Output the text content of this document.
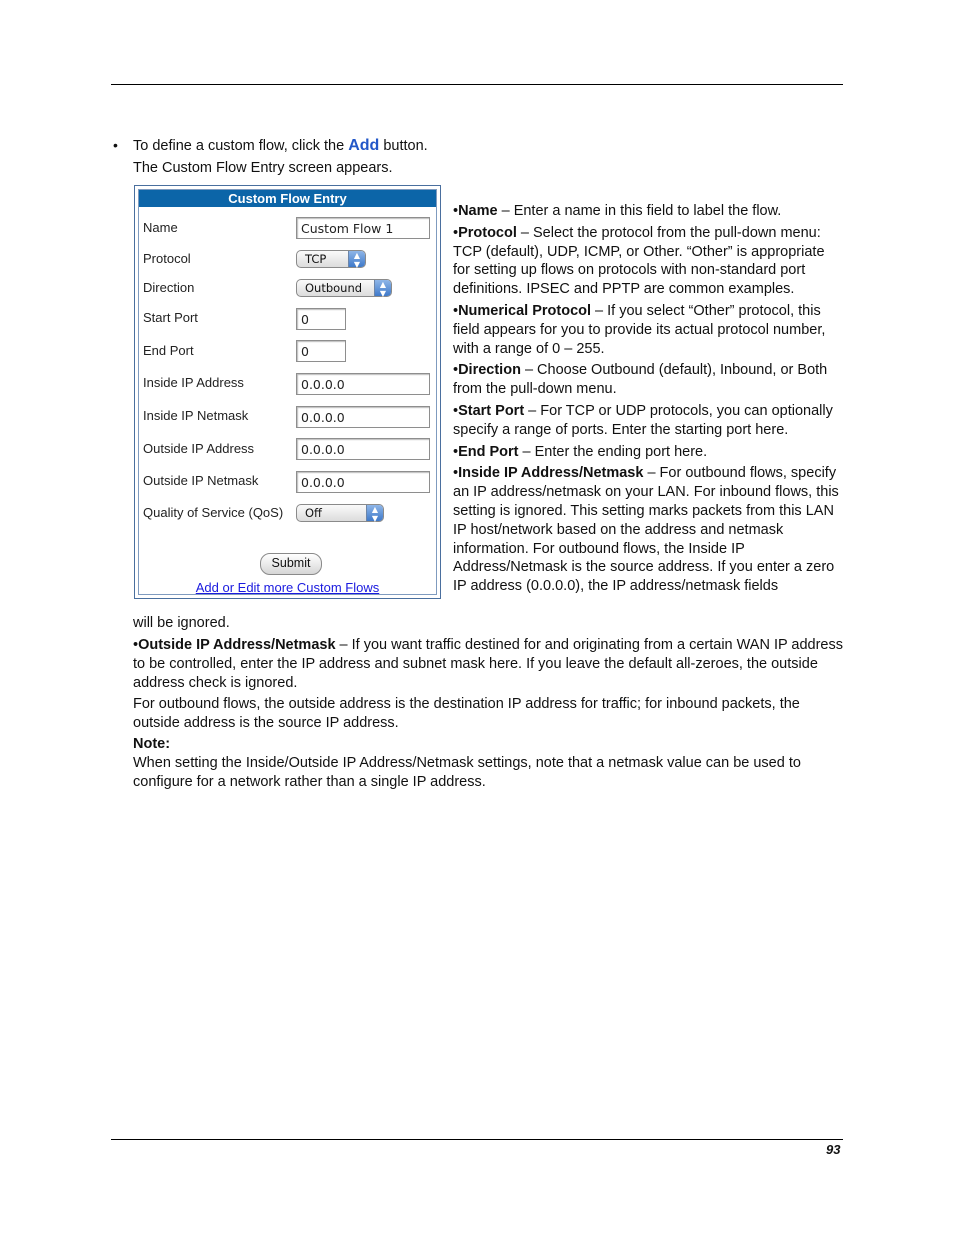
• To define a custom flow, click the Add button.
The Custom Flow Entry screen appears.
Custom Flow Entry
Name	Custom Flow 1
Protocol	TCP	▲
▼
Direction	Outbound	▲
▼
Start Port	0
End Port	0
Inside IP Address	0.0.0.0
Inside IP Netmask	0.0.0.0
Outside IP Address	0.0.0.0
Outside IP Netmask	0.0.0.0
Quality of Service (QoS)	Off	▲
▼
Submit
Add or Edit more Custom Flows

•Name – Enter a name in this field to label the flow.

•Protocol – Select the protocol from the pull-down menu: TCP (default), UDP, ICMP, or Other. “Other” is appropriate for setting up flows on protocols with non-standard port definitions. IPSEC and PPTP are common examples.

•Numerical Protocol – If you select “Other” protocol, this field appears for you to provide its actual protocol number, with a range of 0 – 255.

•Direction – Choose Outbound (default), Inbound, or Both from the pull-down menu.

•Start Port – For TCP or UDP protocols, you can optionally specify a range of ports. Enter the starting port here.

•End Port – Enter the ending port here.

•Inside IP Address/Netmask – For outbound flows, specify an IP address/netmask on your LAN. For inbound flows, this setting is ignored. This setting marks packets from this LAN IP host/network based on the address and netmask information. For outbound flows, the Inside IP Address/Netmask is the source address. If you enter a zero IP address (0.0.0.0), the IP address/netmask fields

will be ignored.
•Outside IP Address/Netmask – If you want traffic destined for and originating from a certain WAN IP address to be controlled, enter the IP address and subnet mask here. If you leave the default all-zeroes, the outside address check is ignored.
For outbound flows, the outside address is the destination IP address for traffic; for inbound packets, the outside address is the source IP address.
Note:
When setting the Inside/Outside IP Address/Netmask settings, note that a netmask value can be used to configure for a network rather than a single IP address.
93
